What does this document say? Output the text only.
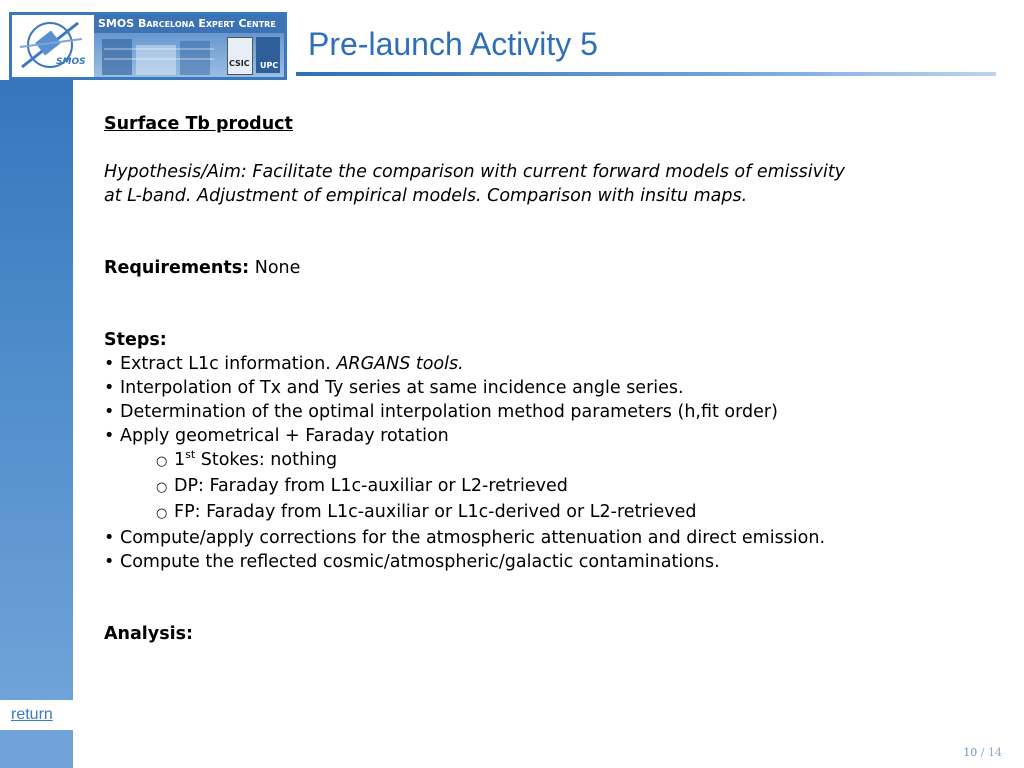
SMOS
SMOS Barcelona Expert Centre
CSIC UPC
Pre-launch Activity 5
Surface Tb product
Hypothesis/Aim: Facilitate the comparison with current forward models of emissivity
at L-band. Adjustment of empirical models. Comparison with insitu maps.
Requirements: None
Steps:
• Extract L1c information. ARGANS tools.
• Interpolation of Tx and Ty series at same incidence angle series.
• Determination of the optimal interpolation method parameters (h,fit order)
• Apply geometrical + Faraday rotation
○ 1st Stokes: nothing
○ DP: Faraday from L1c-auxiliar or L2-retrieved
○ FP: Faraday from L1c-auxiliar or L1c-derived or L2-retrieved
• Compute/apply corrections for the atmospheric attenuation and direct emission.
• Compute the reflected cosmic/atmospheric/galactic contaminations.
Analysis:
return
10 / 14
